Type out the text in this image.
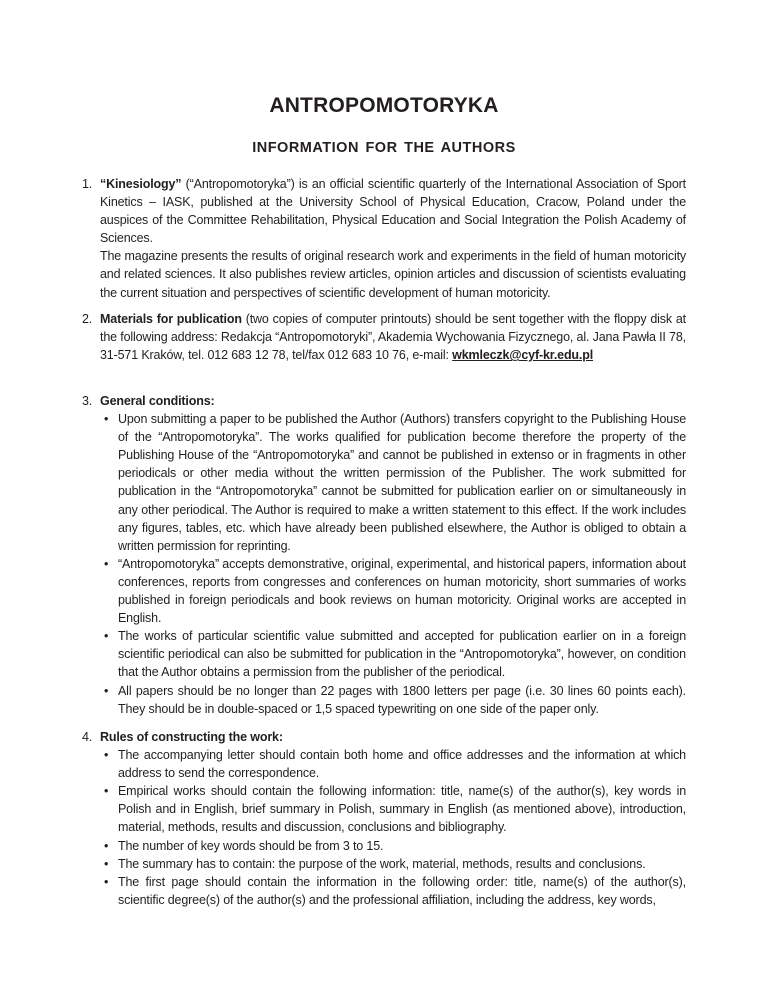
ANTROPOMOTORYKA
INFORMATION FOR THE AUTHORS
1. “Kinesiology” (“Antropomotoryka”) is an official scientific quarterly of the International Association of Sport Kinetics – IASK, published at the University School of Physical Education, Cracow, Poland under the auspices of the Committee Rehabilitation, Physical Education and Social Integration the Polish Academy of Sciences.

The magazine presents the results of original research work and experiments in the field of human motoricity and related sciences. It also publishes review articles, opinion articles and discussion of scientists evaluating the current situation and perspectives of scientific development of human motoricity.

2. Materials for publication (two copies of computer printouts) should be sent together with the floppy disk at the following address: Redakcja “Antropomotoryki”, Akademia Wychowania Fizycznego, al. Jana Pawła II 78, 31-571 Kraków, tel. 012 683 12 78, tel/fax 012 683 10 76, e-mail: wkmleczk@cyf-kr.edu.pl

3. General conditions:

• Upon submitting a paper to be published the Author (Authors) transfers copyright to the Publishing House of the “Antropomotoryka”. The works qualified for publication become therefore the property of the Publishing House of the “Antropomotoryka” and cannot be published in extenso or in fragments in other periodicals or other media without the written permission of the Publisher. The work submitted for publication in the “Antropomotoryka” cannot be submitted for publication earlier on or simultaneously in any other periodical. The Author is required to make a written statement to this effect. If the work includes any figures, tables, etc. which have already been published elsewhere, the Author is obliged to obtain a written permission for reprinting.
• “Antropomotoryka” accepts demonstrative, original, experimental, and historical papers, information about conferences, reports from congresses and conferences on human motoricity, short summaries of works published in foreign periodicals and book reviews on human motoricity. Original works are accepted in English.
• The works of particular scientific value submitted and accepted for publication earlier on in a foreign scientific periodical can also be submitted for publication in the “Antropomotoryka”, however, on condition that the Author obtains a permission from the publisher of the periodical.
• All papers should be no longer than 22 pages with 1800 letters per page (i.e. 30 lines 60 points each). They should be in double-spaced or 1,5 spaced typewriting on one side of the paper only.
4. Rules of constructing the work:

• The accompanying letter should contain both home and office addresses and the information at which address to send the correspondence.
• Empirical works should contain the following information: title, name(s) of the author(s), key words in Polish and in English, brief summary in Polish, summary in English (as mentioned above), introduction, material, methods, results and discussion, conclusions and bibliography.
• The number of key words should be from 3 to 15.
• The summary has to contain: the purpose of the work, material, methods, results and conclusions.
• The first page should contain the information in the following order: title, name(s) of the author(s), scientific degree(s) of the author(s) and the professional affiliation, including the address, key words,
